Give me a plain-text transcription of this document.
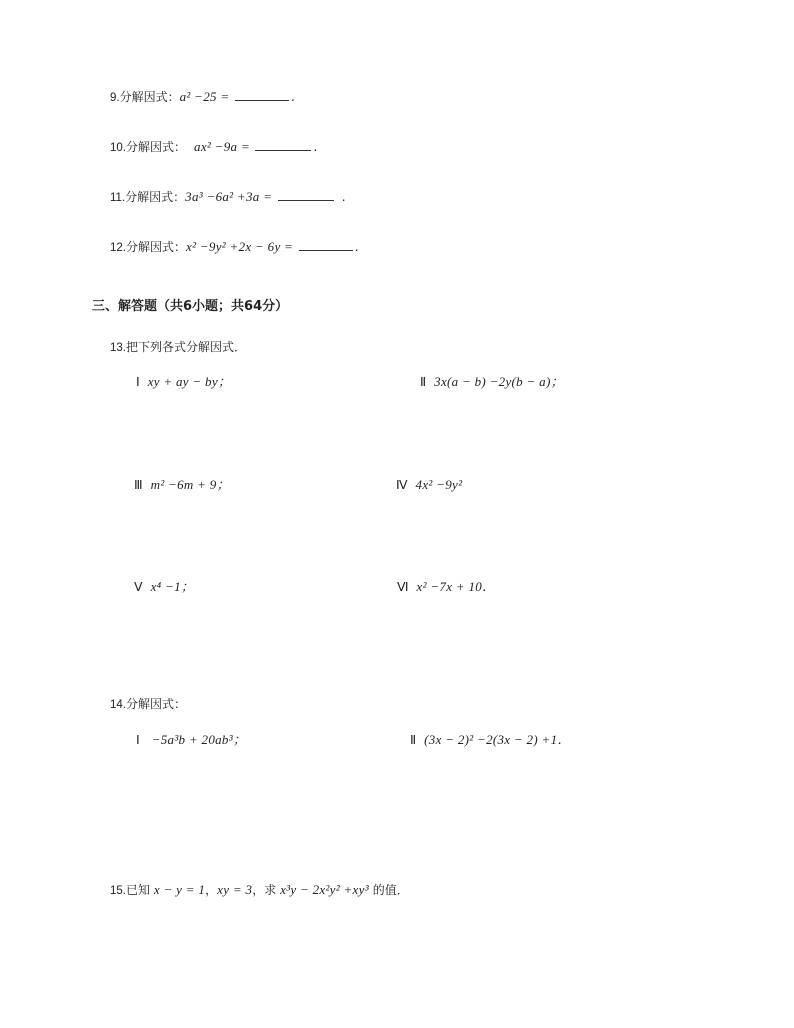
9.分解因式：a² −25 =	.
10.分解因式： ax² −9a =	.
11.分解因式：3a³ −6a² +3a =	.
12.分解因式：x² −9y² +2x − 6y =	.
三、解答题（共6小题；共64分）
13.把下列各式分解因式．
Ⅰ xy + ay − by；	Ⅱ 3x(a − b) −2y(b − a)；
Ⅲ m² −6m + 9；	Ⅳ 4x² −9y²
Ⅴ x⁴ −1；	Ⅵ x² −7x + 10．
14.分解因式：
Ⅰ −5a³b + 20ab³；	Ⅱ (3x − 2)² −2(3x − 2) +1．
15.已知 x − y = 1，xy = 3，求 x³y − 2x²y² +xy³ 的值．
